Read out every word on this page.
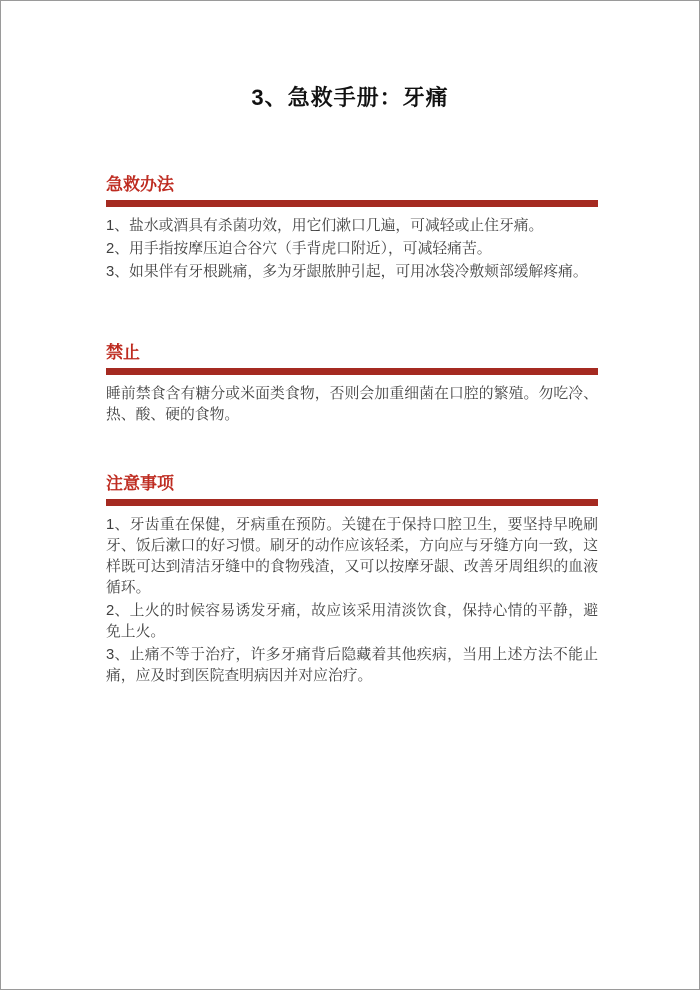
3、急救手册：牙痛
急救办法

1、盐水或酒具有杀菌功效，用它们漱口几遍，可减轻或止住牙痛。

2、用手指按摩压迫合谷穴（手背虎口附近），可减轻痛苦。

3、如果伴有牙根跳痛，多为牙龈脓肿引起，可用冰袋冷敷颊部缓解疼痛。

禁止

睡前禁食含有糖分或米面类食物，否则会加重细菌在口腔的繁殖。勿吃冷、热、酸、硬的食物。

注意事项

1、牙齿重在保健，牙病重在预防。关键在于保持口腔卫生，要坚持早晚刷牙、饭后漱口的好习惯。刷牙的动作应该轻柔，方向应与牙缝方向一致，这样既可达到清洁牙缝中的食物残渣，又可以按摩牙龈、改善牙周组织的血液循环。

2、上火的时候容易诱发牙痛，故应该采用清淡饮食，保持心情的平静，避免上火。

3、止痛不等于治疗，许多牙痛背后隐藏着其他疾病，当用上述方法不能止痛，应及时到医院查明病因并对应治疗。
